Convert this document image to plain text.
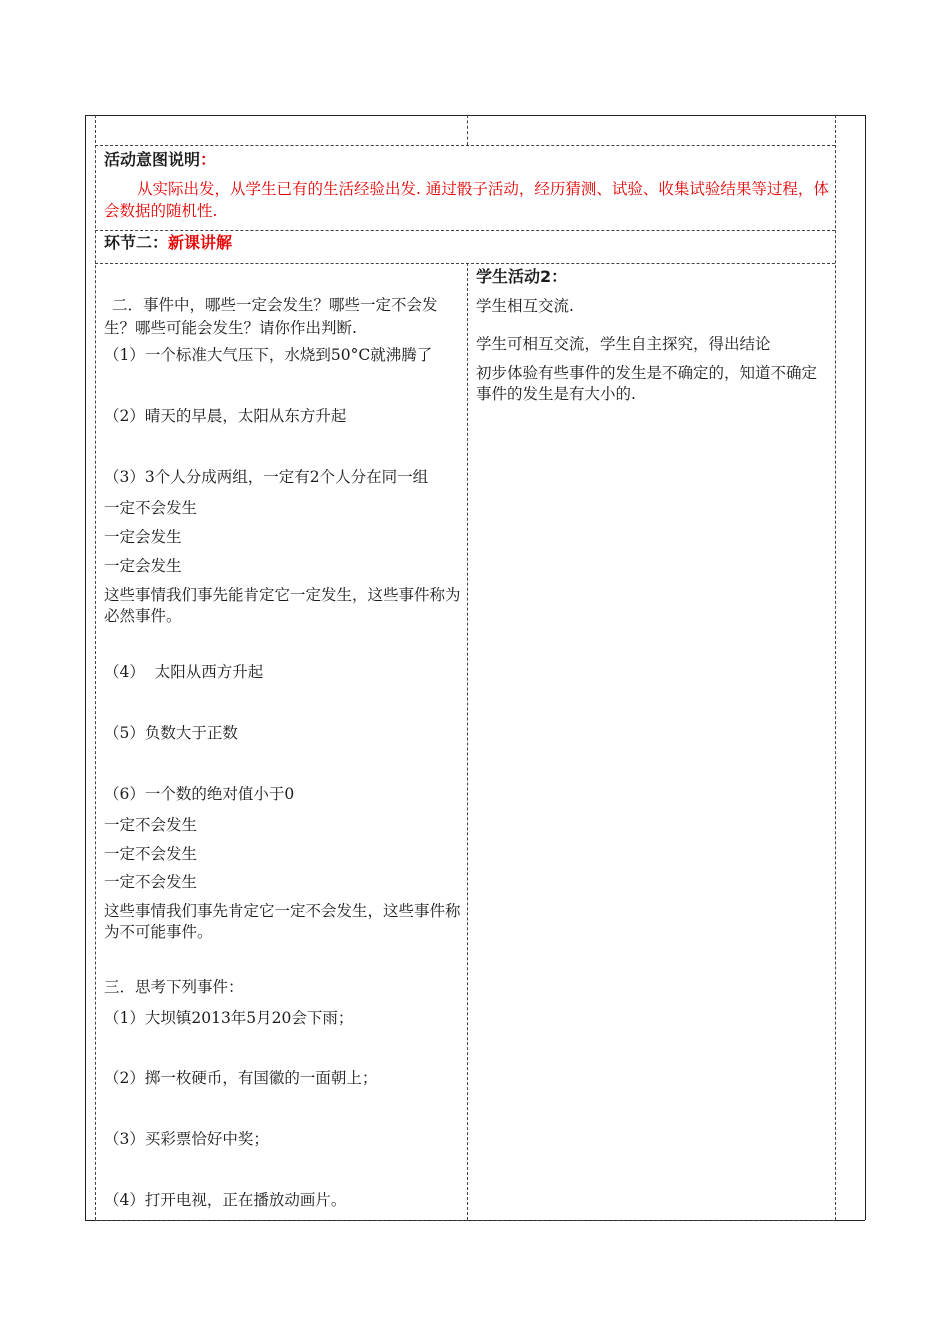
活动意图说明：
从实际出发，从学生已有的生活经验出发. 通过骰子活动，经历猜测、试验、收集试验结果等过程，体会数据的随机性.
环节二：新课讲解
二．事件中，哪些一定会发生？哪些一定不会发生？哪些可能会发生？请你作出判断.
（1）一个标准大气压下，水烧到50°C就沸腾了
（2）晴天的早晨，太阳从东方升起
（3）3个人分成两组，一定有2个人分在同一组
一定不会发生
一定会发生
一定会发生
这些事情我们事先能肯定它一定发生，这些事件称为必然事件。
（4）  太阳从西方升起
（5）负数大于正数
（6）一个数的绝对值小于0
一定不会发生
一定不会发生
一定不会发生
这些事情我们事先肯定它一定不会发生，这些事件称为不可能事件。
三．思考下列事件：
（1）大坝镇2013年5月20会下雨；
（2）掷一枚硬币，有国徽的一面朝上；
（3）买彩票恰好中奖；
（4）打开电视，正在播放动画片。
学生活动2：
学生相互交流.
学生可相互交流，学生自主探究，得出结论
初步体验有些事件的发生是不确定的，知道不确定事件的发生是有大小的.
